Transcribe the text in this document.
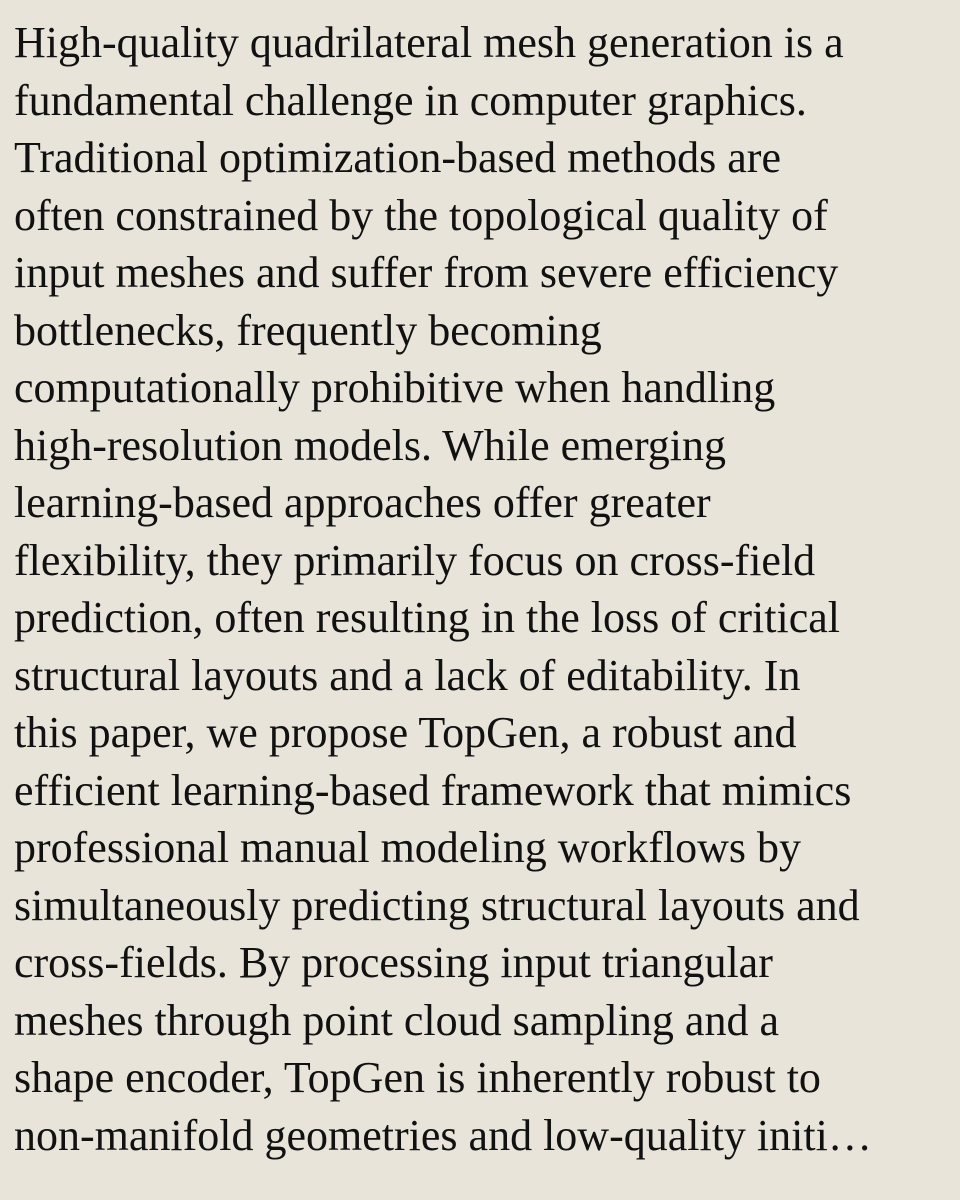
High-quality quadrilateral mesh generation is a
fundamental challenge in computer graphics.
Traditional optimization-based methods are
often constrained by the topological quality of
input meshes and suffer from severe efficiency
bottlenecks, frequently becoming
computationally prohibitive when handling
high-resolution models. While emerging
learning-based approaches offer greater
flexibility, they primarily focus on cross-field
prediction, often resulting in the loss of critical
structural layouts and a lack of editability. In
this paper, we propose TopGen, a robust and
efficient learning-based framework that mimics
professional manual modeling workflows by
simultaneously predicting structural layouts and
cross-fields. By processing input triangular
meshes through point cloud sampling and a
shape encoder, TopGen is inherently robust to
non-manifold geometries and low-quality initi…
